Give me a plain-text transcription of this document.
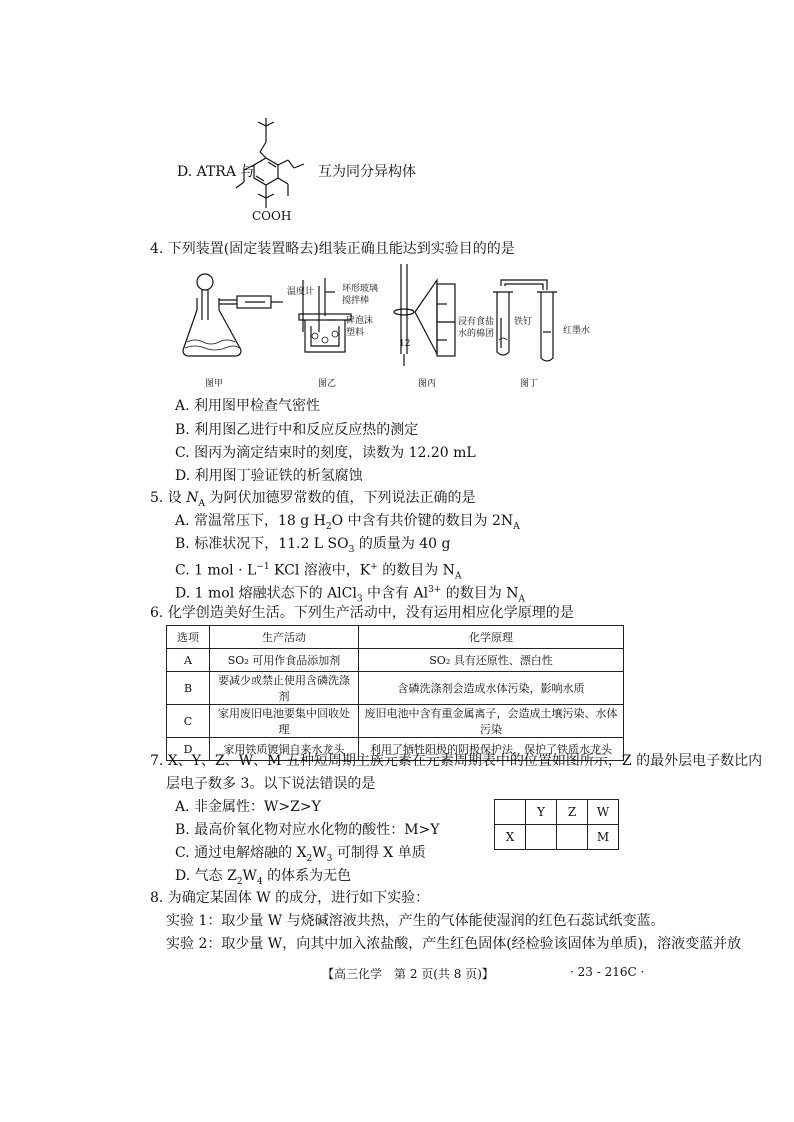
D. ATRA 与
COOH
互为同分异构体
4. 下列装置(固定装置略去)组装正确且能达到实验目的的是
12
温度计	环形玻璃
搅拌棒
碎泡沫
塑料
浸有食盐
水的棉团
铁钉
红墨水
图甲	图乙	图丙	图丁
A. 利用图甲检查气密性
B. 利用图乙进行中和反应反应热的测定
C. 图丙为滴定结束时的刻度，读数为 12.20 mL
D. 利用图丁验证铁的析氢腐蚀
5. 设 $N_A$ 为阿伏加德罗常数的值，下列说法正确的是
A. 常温常压下，18 g $H_2O$ 中含有共价键的数目为 $2N_A$
B. 标准状况下，11.2 L $SO_3$ 的质量为 40 g
C. 1 mol · $L^{-1}$ KCl 溶液中，K+ 的数目为 $N_A$
D. 1 mol 熔融状态下的 AlCl$_3$ 中含有 $Al^{3+}$ 的数目为 $N_A$
6. 化学创造美好生活。下列生产活动中，没有运用相应化学原理的是
选项	生产活动	化学原理
A	SO₂ 可用作食品添加剂	SO₂ 具有还原性、漂白性
B	要减少或禁止使用含磷洗涤剂	含磷洗涤剂会造成水体污染，影响水质
C	家用废旧电池要集中回收处理	废旧电池中含有重金属离子，会造成土壤污染、水体污染
D	家用铁质镀铜自来水龙头	利用了牺牲阳极的阴极保护法，保护了铁质水龙头
7. X、Y、Z、W、M 五种短周期主族元素在元素周期表中的位置如图所示，Z 的最外层电子数比内
层电子数多 3。以下说法错误的是
A. 非金属性：W>Z>Y
B. 最高价氧化物对应水化物的酸性：M>Y
C. 通过电解熔融的 $X_2W_3$ 可制得 X 单质
D. 气态 $Z_2W_4$ 的体系为无色
	Y	Z	W
X			M
8. 为确定某固体 W 的成分，进行如下实验：
实验 1：取少量 W 与烧碱溶液共热，产生的气体能使湿润的红色石蕊试纸变蓝。
实验 2：取少量 W，向其中加入浓盐酸，产生红色固体(经检验该固体为单质)，溶液变蓝并放
【高三化学　第 2 页(共 8 页)】	· 23 - 216C ·
